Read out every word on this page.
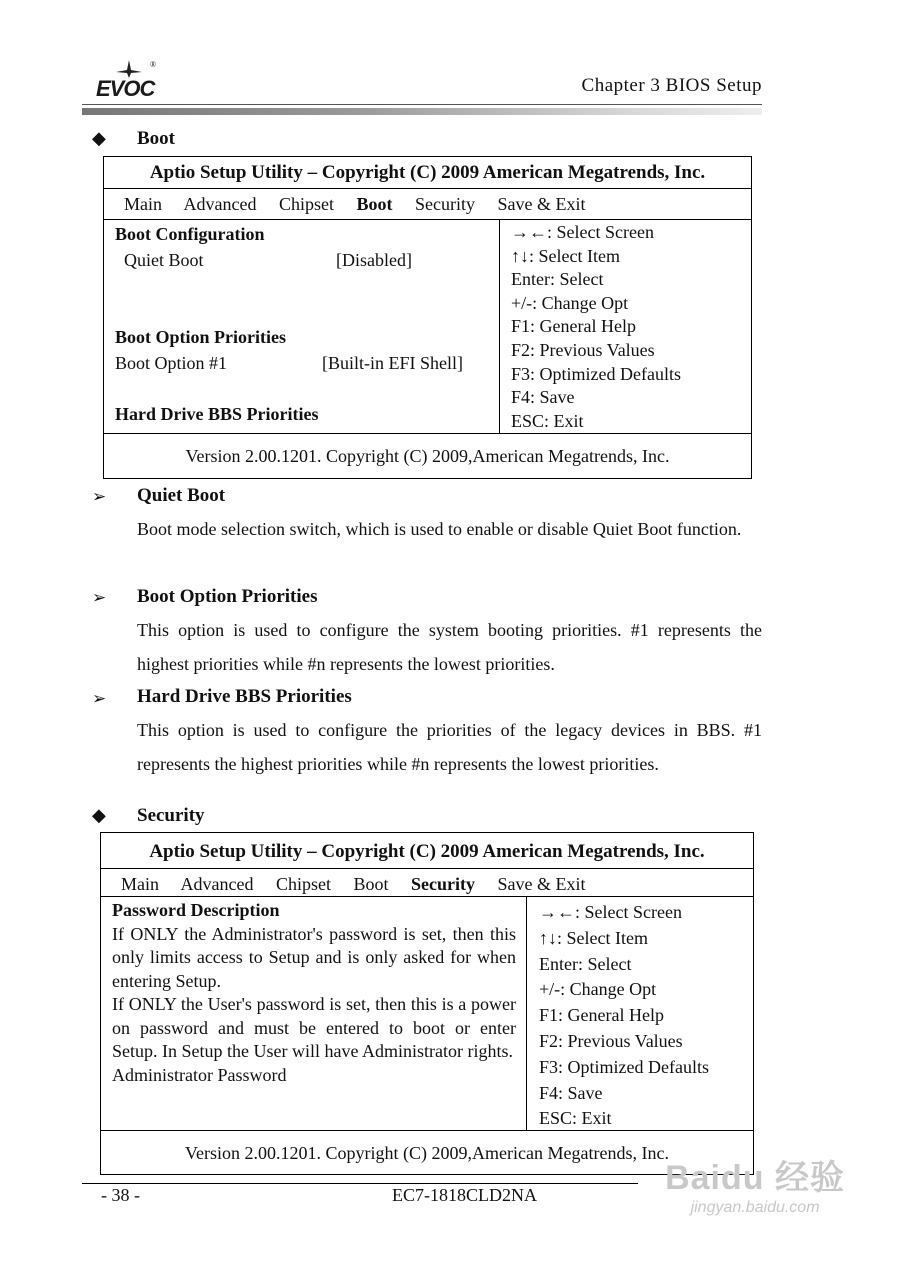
®
EVOC	Chapter 3 BIOS Setup
◆ Boot
Aptio Setup Utility – Copyright (C) 2009 American Megatrends, Inc.
Main Advanced Chipset Boot Security Save & Exit
Boot Configuration
Quiet Boot	[Disabled]
Boot Option Priorities
Boot Option #1	[Built-in EFI Shell]
Hard Drive BBS Priorities
→←: Select Screen
↑↓: Select Item
Enter: Select
+/-: Change Opt
F1: General Help
F2: Previous Values
F3: Optimized Defaults
F4: Save
ESC: Exit
Version 2.00.1201. Copyright (C) 2009,American Megatrends, Inc.
➢ Quiet Boot
Boot mode selection switch, which is used to enable or disable Quiet Boot function.
➢ Boot Option Priorities
This option is used to configure the system booting priorities. #1 represents the highest priorities while #n represents the lowest priorities.
➢ Hard Drive BBS Priorities
This option is used to configure the priorities of the legacy devices in BBS. #1 represents the highest priorities while #n represents the lowest priorities.
◆ Security
Aptio Setup Utility – Copyright (C) 2009 American Megatrends, Inc.
Main Advanced Chipset Boot Security Save & Exit
Password Description
If ONLY the Administrator's password is set, then this only limits access to Setup and is only asked for when entering Setup.
If ONLY the User's password is set, then this is a power on password and must be entered to boot or enter Setup. In Setup the User will have Administrator rights.
Administrator Password
→←: Select Screen
↑↓: Select Item
Enter: Select
+/-: Change Opt
F1: General Help
F2: Previous Values
F3: Optimized Defaults
F4: Save
ESC: Exit
Version 2.00.1201. Copyright (C) 2009,American Megatrends, Inc.
- 38 -	EC7-1818CLD2NA	Baidu 经验
jingyan.baidu.com
